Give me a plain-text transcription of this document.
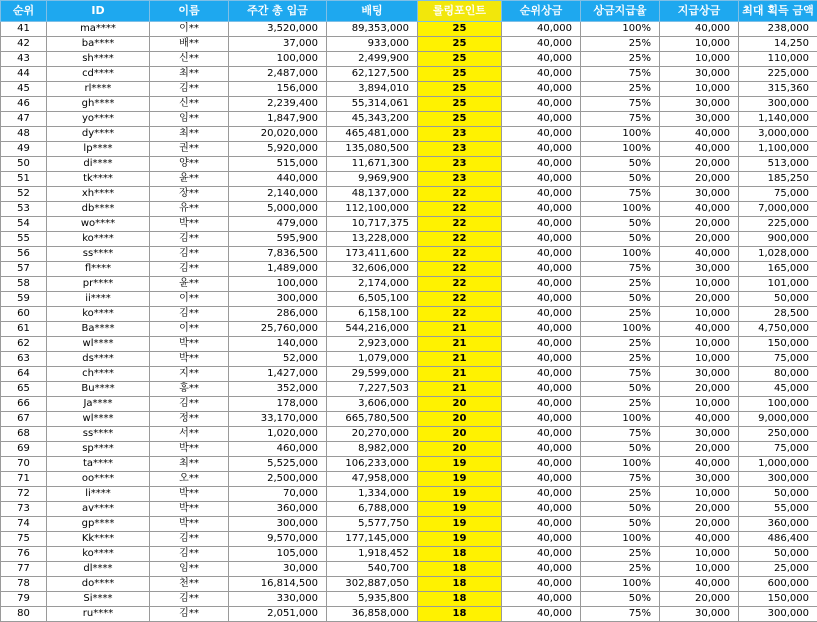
순위	ID	이름	주간 총 입금	배팅	롤링포인트	순위상금	상금지급율	지급상금	최대 획득 금액
41	ma****	이**	3,520,000	89,353,000	25	40,000	100%	40,000	238,000
42	ba****	배**	37,000	933,000	25	40,000	25%	10,000	14,250
43	sh****	신**	100,000	2,499,900	25	40,000	25%	10,000	110,000
44	cd****	최**	2,487,000	62,127,500	25	40,000	75%	30,000	225,000
45	rl****	김**	156,000	3,894,010	25	40,000	25%	10,000	315,360
46	gh****	신**	2,239,400	55,314,061	25	40,000	75%	30,000	300,000
47	yo****	임**	1,847,900	45,343,200	25	40,000	75%	30,000	1,140,000
48	dy****	최**	20,020,000	465,481,000	23	40,000	100%	40,000	3,000,000
49	lp****	권**	5,920,000	135,080,500	23	40,000	100%	40,000	1,100,000
50	di****	양**	515,000	11,671,300	23	40,000	50%	20,000	513,000
51	tk****	윤**	440,000	9,969,900	23	40,000	50%	20,000	185,250
52	xh****	장**	2,140,000	48,137,000	22	40,000	75%	30,000	75,000
53	db****	유**	5,000,000	112,100,000	22	40,000	100%	40,000	7,000,000
54	wo****	박**	479,000	10,717,375	22	40,000	50%	20,000	225,000
55	ko****	김**	595,900	13,228,000	22	40,000	50%	20,000	900,000
56	ss****	김**	7,836,500	173,411,600	22	40,000	100%	40,000	1,028,000
57	fl****	김**	1,489,000	32,606,000	22	40,000	75%	30,000	165,000
58	pr****	윤**	100,000	2,174,000	22	40,000	25%	10,000	101,000
59	ii****	이**	300,000	6,505,100	22	40,000	50%	20,000	50,000
60	ko****	김**	286,000	6,158,100	22	40,000	25%	10,000	28,500
61	Ba****	이**	25,760,000	544,216,000	21	40,000	100%	40,000	4,750,000
62	wl****	박**	140,000	2,923,000	21	40,000	25%	10,000	150,000
63	ds****	박**	52,000	1,079,000	21	40,000	25%	10,000	75,000
64	ch****	지**	1,427,000	29,599,000	21	40,000	75%	30,000	80,000
65	Bu****	홍**	352,000	7,227,503	21	40,000	50%	20,000	45,000
66	Ja****	김**	178,000	3,606,000	20	40,000	25%	10,000	100,000
67	wl****	정**	33,170,000	665,780,500	20	40,000	100%	40,000	9,000,000
68	ss****	서**	1,020,000	20,270,000	20	40,000	75%	30,000	250,000
69	sp****	박**	460,000	8,982,000	20	40,000	50%	20,000	75,000
70	ta****	최**	5,525,000	106,233,000	19	40,000	100%	40,000	1,000,000
71	oo****	오**	2,500,000	47,958,000	19	40,000	75%	30,000	300,000
72	li****	박**	70,000	1,334,000	19	40,000	25%	10,000	50,000
73	av****	박**	360,000	6,788,000	19	40,000	50%	20,000	55,000
74	gp****	박**	300,000	5,577,750	19	40,000	50%	20,000	360,000
75	Kk****	김**	9,570,000	177,145,000	19	40,000	100%	40,000	486,400
76	ko****	김**	105,000	1,918,452	18	40,000	25%	10,000	50,000
77	dl****	임**	30,000	540,700	18	40,000	25%	10,000	25,000
78	do****	천**	16,814,500	302,887,050	18	40,000	100%	40,000	600,000
79	Si****	김**	330,000	5,935,800	18	40,000	50%	20,000	150,000
80	ru****	김**	2,051,000	36,858,000	18	40,000	75%	30,000	300,000
